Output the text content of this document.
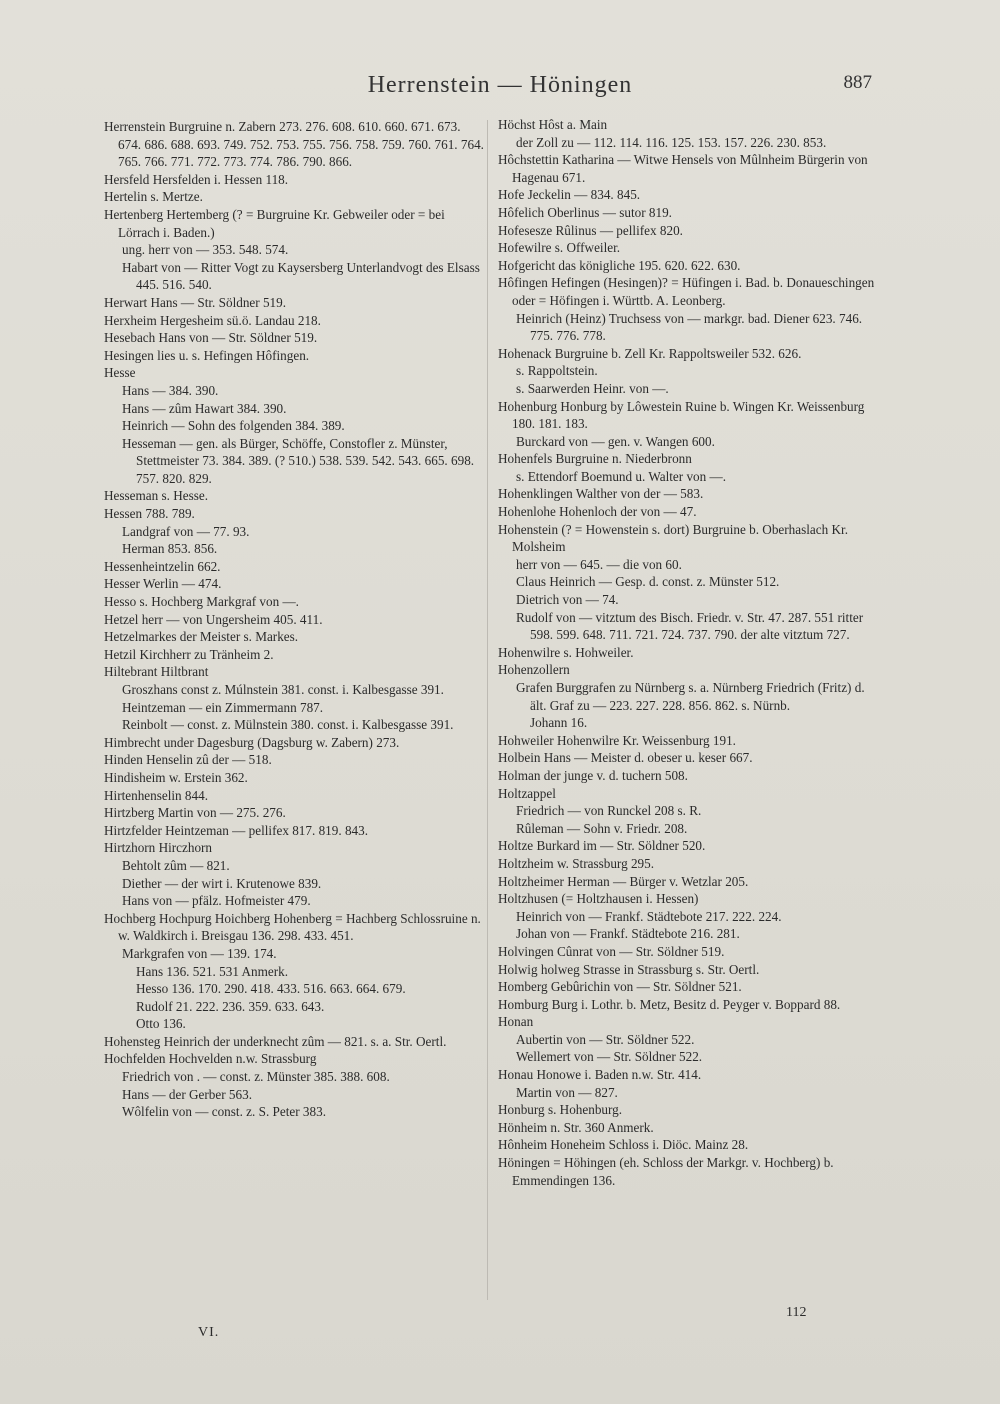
Herrenstein — Höningen	887

Herrenstein Burgruine n. Zabern 273. 276. 608. 610. 660. 671. 673. 674. 686. 688. 693. 749. 752. 753. 755. 756. 758. 759. 760. 761. 764. 765. 766. 771. 772. 773. 774. 786. 790. 866.

Hersfeld Hersfelden i. Hessen 118.

Hertelin s. Mertze.

Hertenberg Hertemberg (? = Burgruine Kr. Gebweiler oder = bei Lörrach i. Baden.)

ung. herr von — 353. 548. 574.

Habart von — Ritter Vogt zu Kaysersberg Unterlandvogt des Elsass 445. 516. 540.

Herwart Hans — Str. Söldner 519.

Herxheim Hergesheim sü.ö. Landau 218.

Hesebach Hans von — Str. Söldner 519.

Hesingen lies u. s. Hefingen Hôfingen.

Hesse

Hans — 384. 390.

Hans — zûm Hawart 384. 390.

Heinrich — Sohn des folgenden 384. 389.

Hesseman — gen. als Bürger, Schöffe, Constofler z. Münster, Stettmeister 73. 384. 389. (? 510.) 538. 539. 542. 543. 665. 698. 757. 820. 829.

Hesseman s. Hesse.

Hessen 788. 789.

Landgraf von — 77. 93.

Herman 853. 856.

Hessenheintzelin 662.

Hesser Werlin — 474.

Hesso s. Hochberg Markgraf von —.

Hetzel herr — von Ungersheim 405. 411.

Hetzelmarkes der Meister s. Markes.

Hetzil Kirchherr zu Tränheim 2.

Hiltebrant Hiltbrant

Groszhans const z. Múlnstein 381. const. i. Kalbesgasse 391.

Heintzeman — ein Zimmermann 787.

Reinbolt — const. z. Mülnstein 380. const. i. Kalbesgasse 391.

Himbrecht under Dagesburg (Dagsburg w. Zabern) 273.

Hinden Henselin zû der — 518.

Hindisheim w. Erstein 362.

Hirtenhenselin 844.

Hirtzberg Martin von — 275. 276.

Hirtzfelder Heintzeman — pellifex 817. 819. 843.

Hirtzhorn Hirczhorn

Behtolt zûm — 821.

Diether — der wirt i. Krutenowe 839.

Hans von — pfälz. Hofmeister 479.

Hochberg Hochpurg Hoichberg Hohenberg = Hachberg Schlossruine n. w. Waldkirch i. Breisgau 136. 298. 433. 451.

Markgrafen von — 139. 174.

Hans 136. 521. 531 Anmerk.

Hesso 136. 170. 290. 418. 433. 516. 663. 664. 679.

Rudolf 21. 222. 236. 359. 633. 643.

Otto 136.

Hohensteg Heinrich der underknecht zûm — 821. s. a. Str. Oertl.

Hochfelden Hochvelden n.w. Strassburg

Friedrich von . — const. z. Münster 385. 388. 608.

Hans — der Gerber 563.

Wôlfelin von — const. z. S. Peter 383.

Höchst Hôst a. Main

der Zoll zu — 112. 114. 116. 125. 153. 157. 226. 230. 853.

Hôchstettin Katharina — Witwe Hensels von Mûlnheim Bürgerin von Hagenau 671.

Hofe Jeckelin — 834. 845.

Hôfelich Oberlinus — sutor 819.

Hofesesze Rûlinus — pellifex 820.

Hofewilre s. Offweiler.

Hofgericht das königliche 195. 620. 622. 630.

Hôfingen Hefingen (Hesingen)? = Hüfingen i. Bad. b. Donaueschingen oder = Höfingen i. Württb. A. Leonberg.

Heinrich (Heinz) Truchsess von — markgr. bad. Diener 623. 746. 775. 776. 778.

Hohenack Burgruine b. Zell Kr. Rappoltsweiler 532. 626.

s. Rappoltstein.

s. Saarwerden Heinr. von —.

Hohenburg Honburg by Lôwestein Ruine b. Wingen Kr. Weissenburg 180. 181. 183.

Burckard von — gen. v. Wangen 600.

Hohenfels Burgruine n. Niederbronn

s. Ettendorf Boemund u. Walter von —.

Hohenklingen Walther von der — 583.

Hohenlohe Hohenloch der von — 47.

Hohenstein (? = Howenstein s. dort) Burgruine b. Oberhaslach Kr. Molsheim

herr von — 645. — die von 60.

Claus Heinrich — Gesp. d. const. z. Münster 512.

Dietrich von — 74.

Rudolf von — vitztum des Bisch. Friedr. v. Str. 47. 287. 551 ritter 598. 599. 648. 711. 721. 724. 737. 790. der alte vitztum 727.

Hohenwilre s. Hohweiler.

Hohenzollern

Grafen Burggrafen zu Nürnberg s. a. Nürnberg Friedrich (Fritz) d. ält. Graf zu — 223. 227. 228. 856. 862. s. Nürnb.

Johann 16.

Hohweiler Hohenwilre Kr. Weissenburg 191.

Holbein Hans — Meister d. obeser u. keser 667.

Holman der junge v. d. tuchern 508.

Holtzappel

Friedrich — von Runckel 208 s. R.

Rûleman — Sohn v. Friedr. 208.

Holtze Burkard im — Str. Söldner 520.

Holtzheim w. Strassburg 295.

Holtzheimer Herman — Bürger v. Wetzlar 205.

Holtzhusen (= Holtzhausen i. Hessen)

Heinrich von — Frankf. Städtebote 217. 222. 224.

Johan von — Frankf. Städtebote 216. 281.

Holvingen Cûnrat von — Str. Söldner 519.

Holwig holweg Strasse in Strassburg s. Str. Oertl.

Homberg Gebûrichin von — Str. Söldner 521.

Homburg Burg i. Lothr. b. Metz, Besitz d. Peyger v. Boppard 88.

Honan

Aubertin von — Str. Söldner 522.

Wellemert von — Str. Söldner 522.

Honau Honowe i. Baden n.w. Str. 414.

Martin von — 827.

Honburg s. Hohenburg.

Hönheim n. Str. 360 Anmerk.

Hônheim Honeheim Schloss i. Diöc. Mainz 28.

Höningen = Höhingen (eh. Schloss der Markgr. v. Hochberg) b. Emmendingen 136.

112
VI.
